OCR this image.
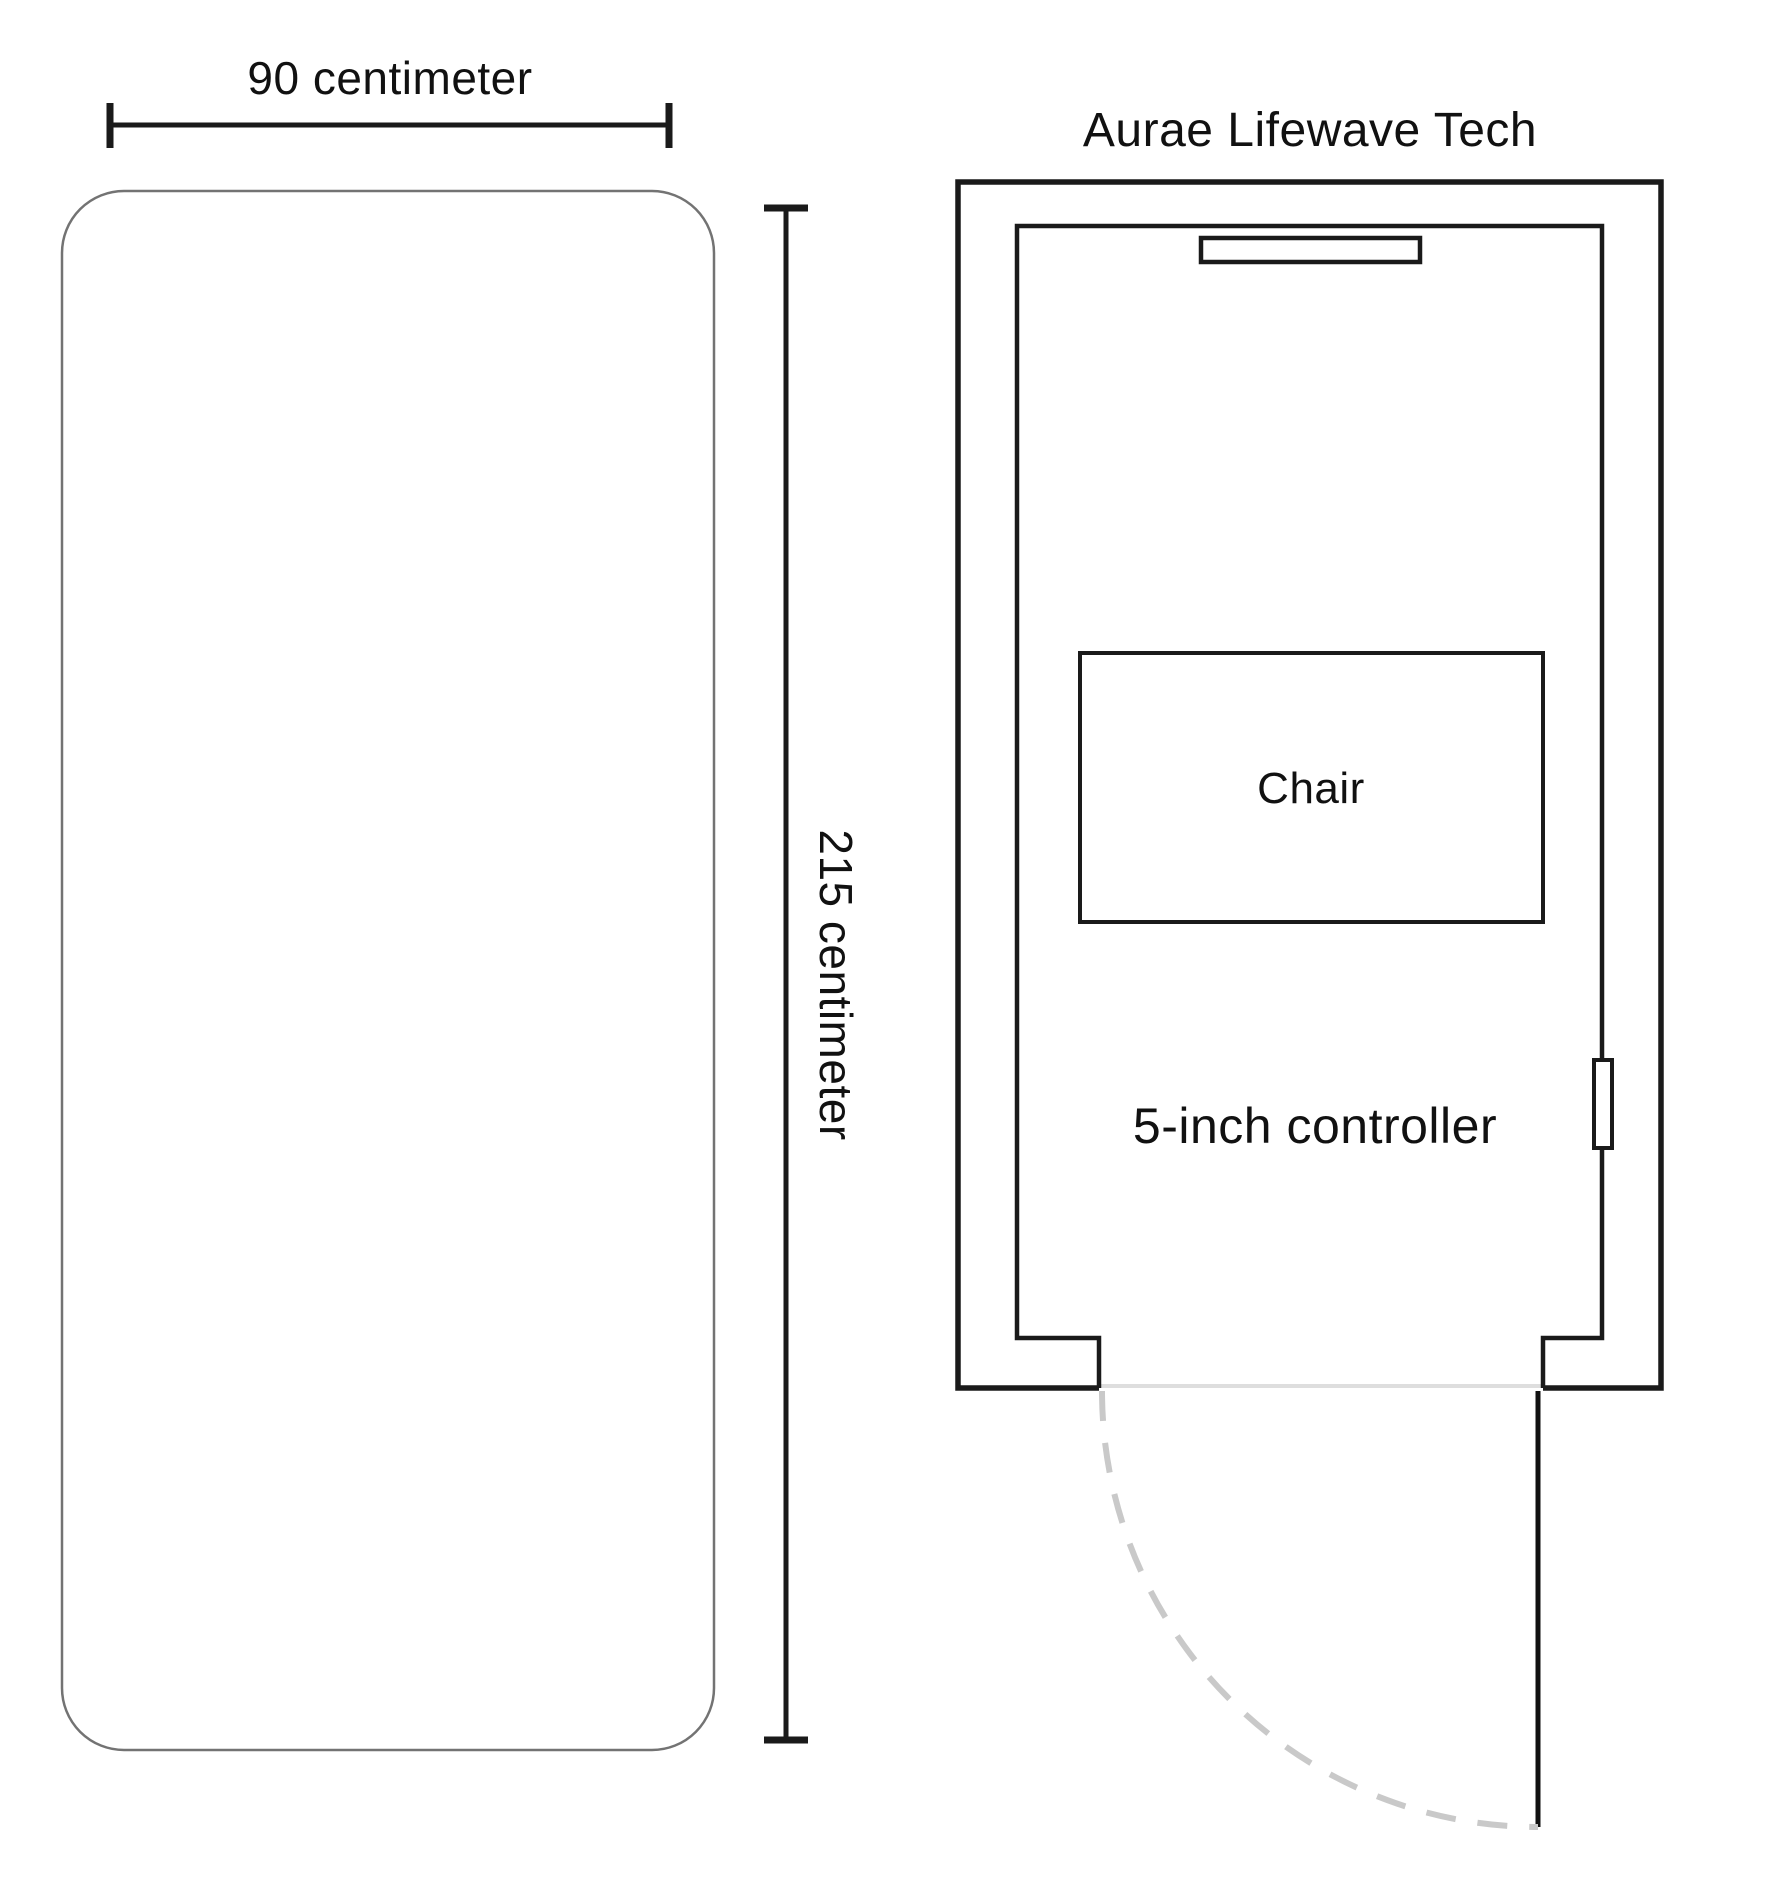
90 centimeter
215 centimeter
Aurae Lifewave Tech
Chair
5-inch controller
